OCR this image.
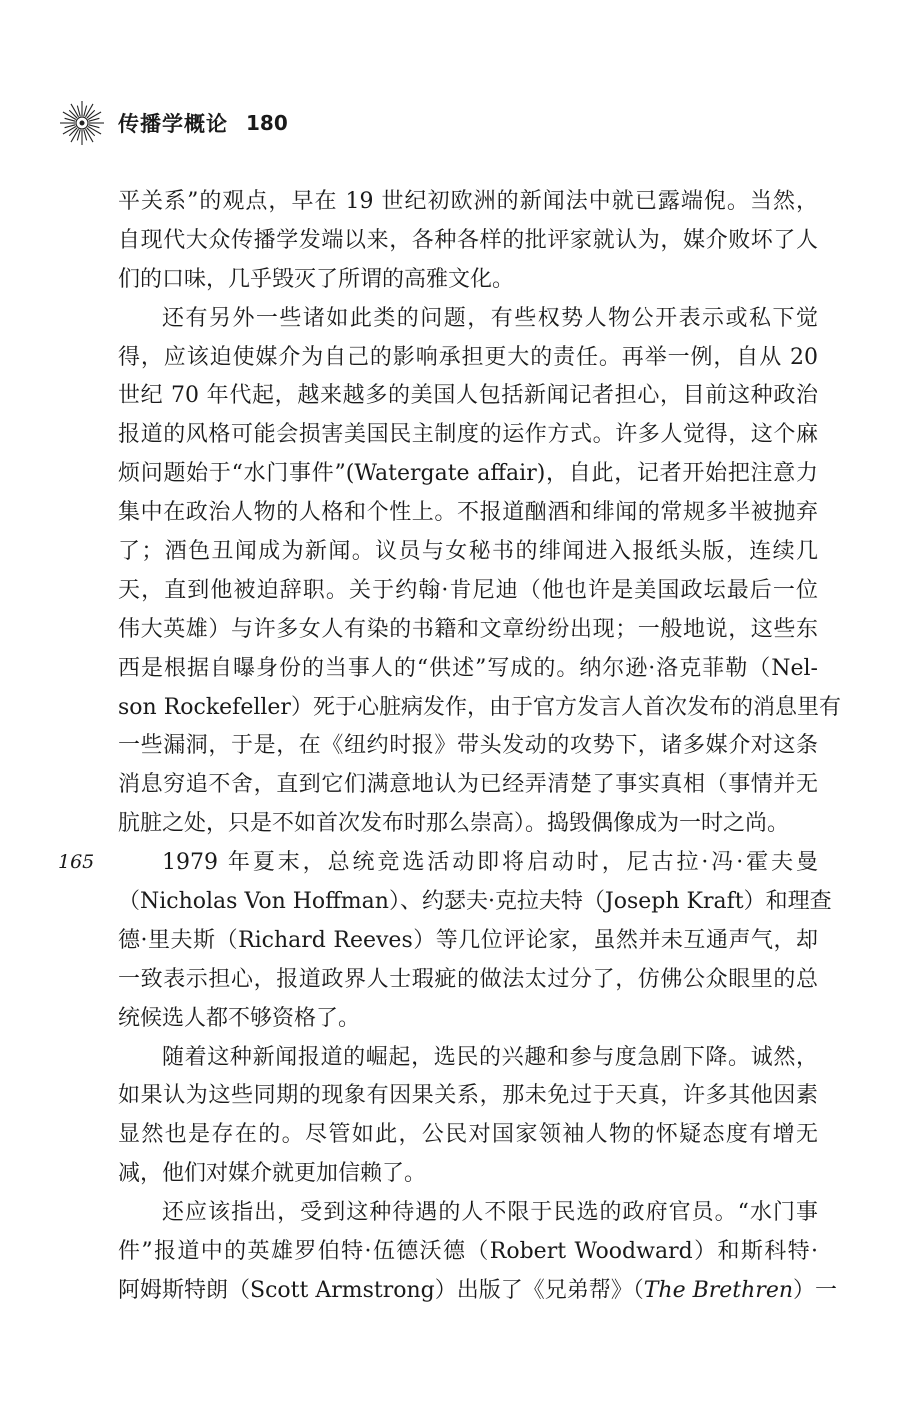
传播学概论 180
165
平关系”的观点，早在 19 世纪初欧洲的新闻法中就已露端倪。当然，
自现代大众传播学发端以来，各种各样的批评家就认为，媒介败坏了人
们的口味，几乎毁灭了所谓的高雅文化。
还有另外一些诸如此类的问题，有些权势人物公开表示或私下觉
得，应该迫使媒介为自己的影响承担更大的责任。再举一例，自从 20
世纪 70 年代起，越来越多的美国人包括新闻记者担心，目前这种政治
报道的风格可能会损害美国民主制度的运作方式。许多人觉得，这个麻
烦问题始于“水门事件”(Watergate affair)，自此，记者开始把注意力
集中在政治人物的人格和个性上。不报道酗酒和绯闻的常规多半被抛弃
了；酒色丑闻成为新闻。议员与女秘书的绯闻进入报纸头版，连续几
天，直到他被迫辞职。关于约翰·肯尼迪（他也许是美国政坛最后一位
伟大英雄）与许多女人有染的书籍和文章纷纷出现；一般地说，这些东
西是根据自曝身份的当事人的“供述”写成的。纳尔逊·洛克菲勒（Nel-
son Rockefeller）死于心脏病发作，由于官方发言人首次发布的消息里有
一些漏洞，于是，在《纽约时报》带头发动的攻势下，诸多媒介对这条
消息穷追不舍，直到它们满意地认为已经弄清楚了事实真相（事情并无
肮脏之处，只是不如首次发布时那么崇高）。捣毁偶像成为一时之尚。
1979 年夏末，总统竞选活动即将启动时，尼古拉·冯·霍夫曼
（Nicholas Von Hoffman）、约瑟夫·克拉夫特（Joseph Kraft）和理查
德·里夫斯（Richard Reeves）等几位评论家，虽然并未互通声气，却
一致表示担心，报道政界人士瑕疵的做法太过分了，仿佛公众眼里的总
统候选人都不够资格了。
随着这种新闻报道的崛起，选民的兴趣和参与度急剧下降。诚然，
如果认为这些同期的现象有因果关系，那未免过于天真，许多其他因素
显然也是存在的。尽管如此，公民对国家领袖人物的怀疑态度有增无
减，他们对媒介就更加信赖了。
还应该指出，受到这种待遇的人不限于民选的政府官员。“水门事
件”报道中的英雄罗伯特·伍德沃德（Robert Woodward）和斯科特·
阿姆斯特朗（Scott Armstrong）出版了《兄弟帮》（The Brethren）一
